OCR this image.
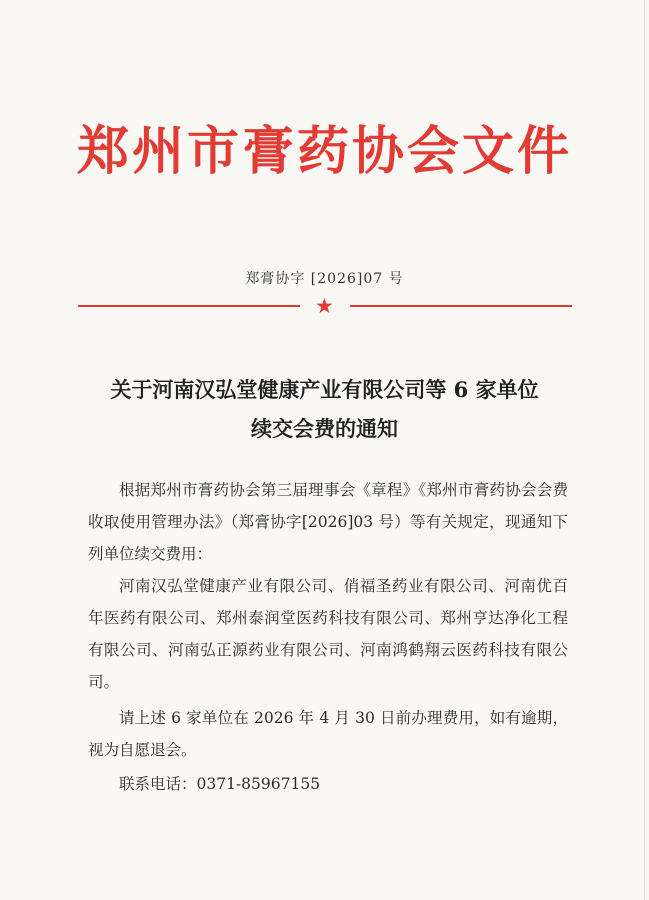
郑州市膏药协会文件
郑膏协字 [2026]07 号
★
关于河南汉弘堂健康产业有限公司等 6 家单位
续交会费的通知
根据郑州市膏药协会第三届理事会《章程》《郑州市膏药协会会费收取使用管理办法》（郑膏协字[2026]03 号）等有关规定，现通知下列单位续交费用：
河南汉弘堂健康产业有限公司、俏福圣药业有限公司、河南优百年医药有限公司、郑州泰润堂医药科技有限公司、郑州亨达净化工程有限公司、河南弘正源药业有限公司、河南鸿鹤翔云医药科技有限公司。
请上述 6 家单位在 2026 年 4 月 30 日前办理费用，如有逾期，视为自愿退会。
联系电话：0371-85967155
